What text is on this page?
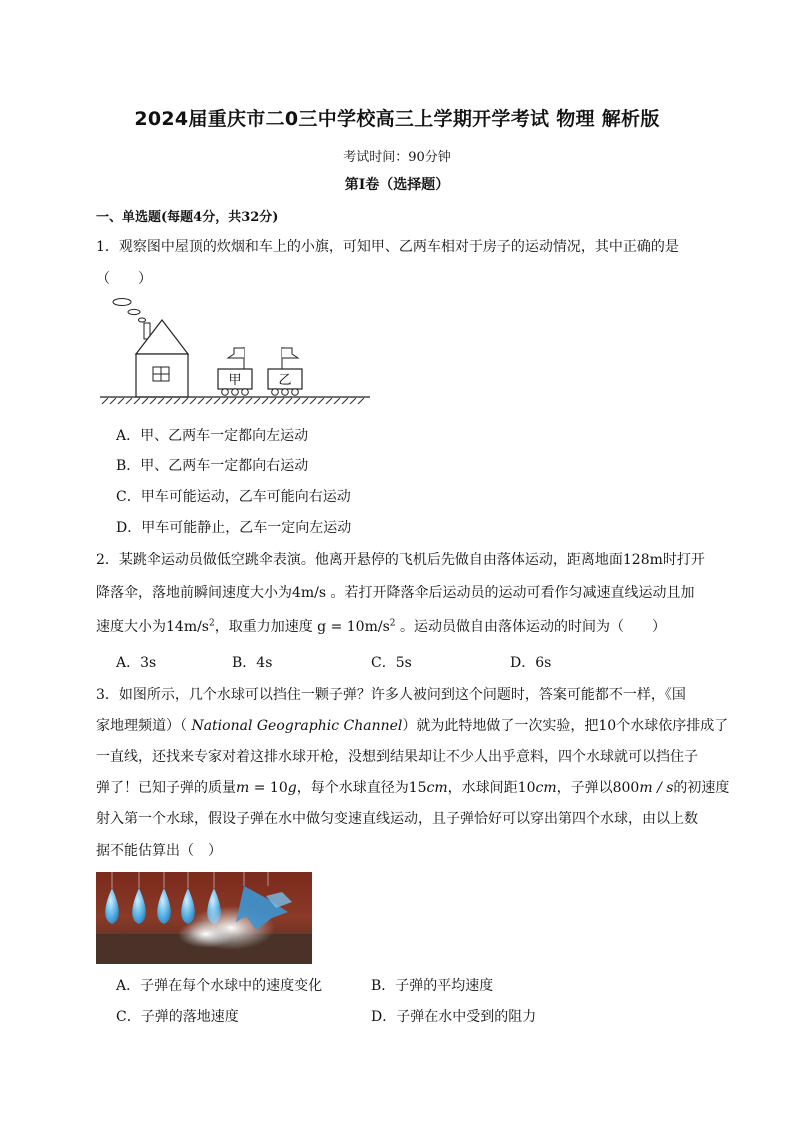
2024届重庆市二0三中学校高三上学期开学考试 物理 解析版
考试时间：90分钟
第Ⅰ卷（选择题）
一、单选题(每题4分，共32分)
1．观察图中屋顶的炊烟和车上的小旗，可知甲、乙两车相对于房子的运动情况，其中正确的是
（　　）
甲	乙
A．甲、乙两车一定都向左运动
B．甲、乙两车一定都向右运动
C．甲车可能运动，乙车可能向右运动
D．甲车可能静止，乙车一定向左运动
2．某跳伞运动员做低空跳伞表演。他离开悬停的飞机后先做自由落体运动，距离地面128m时打开
降落伞，落地前瞬间速度大小为4m/s 。若打开降落伞后运动员的运动可看作匀减速直线运动且加
速度大小为$14m/s^2$，取重力加速度 $g = 10m/s^2$ 。运动员做自由落体运动的时间为（　　）
A．3s	B．4s	C．5s	D．6s
3．如图所示，几个水球可以挡住一颗子弹？许多人被问到这个问题时，答案可能都不一样，《国
家地理频道）（ National Geographic Channel）就为此特地做了一次实验，把10个水球依序排成了
一直线，还找来专家对着这排水球开枪，没想到结果却让不少人出乎意料，四个水球就可以挡住子
弹了！已知子弹的质量m = 10g，每个水球直径为15cm，水球间距10cm，子弹以800m / s的初速度
射入第一个水球，假设子弹在水中做匀变速直线运动，且子弹恰好可以穿出第四个水球，由以上数
据不能估算出（　）
A．子弹在每个水球中的速度变化	B．子弹的平均速度
C．子弹的落地速度	D．子弹在水中受到的阻力
